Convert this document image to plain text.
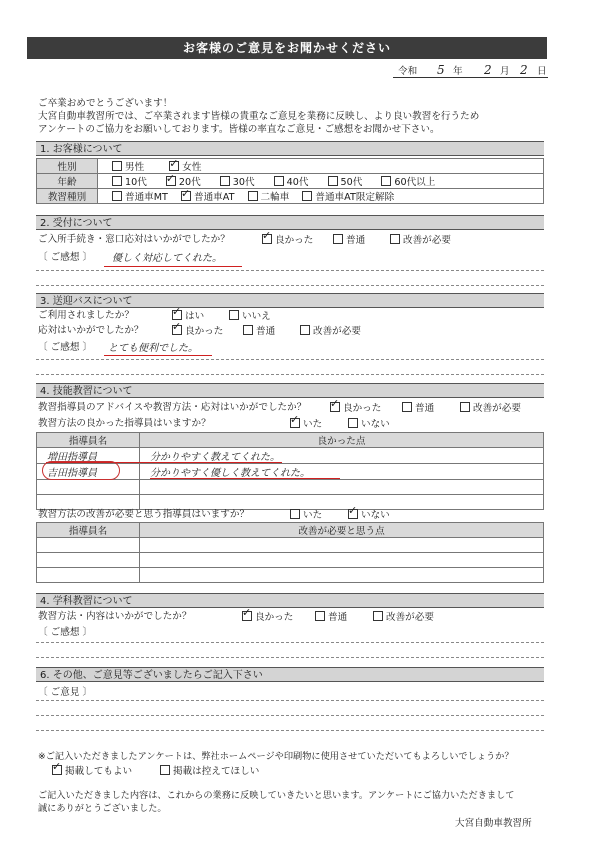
お客様のご意見をお聞かせください
令和 5 年 2 月 2 日
ご卒業おめでとうございます！
大宮自動車教習所では、ご卒業されます皆様の貴重なご意見を業務に反映し、より良い教習を行うため
アンケートのご協力をお願いしております。皆様の率直なご意見・ご感想をお聞かせ下さい。
1. お客様について
性別	男性 ✓ 女性
年齢	10代 ✓ 20代 30代 40代 50代 60代以上
教習種別	普通車MT ✓ 普通車AT 二輪車 普通車AT限定解除
2. 受付について
ご入所手続き・窓口応対はいかがでしたか？ ✓	良かった	普通	改善が必要
〔 ご感想 〕 優しく対応してくれた。
3. 送迎バスについて
ご利用されましたか？ ✓	はい	いいえ
応対はいかがでしたか？ ✓	良かった	普通	改善が必要
〔 ご感想 〕 とても便利でした。
4. 技能教習について
教習指導員のアドバイスや教習方法・応対はいかがでしたか？ ✓	良かった	普通	改善が必要
教習方法の良かった指導員はいますか？ ✓	いた	いない
指導員名	良かった点
増田指導員	分かりやすく教えてくれた。
吉田指導員	分かりやすく優しく教えてくれた。

教習方法の改善が必要と思う指導員はいますか？	いた ✓	いない
指導員名	改善が必要と思う点

4. 学科教習について
教習方法・内容はいかがでしたか？ ✓	良かった	普通	改善が必要
〔 ご感想 〕
6. その他、ご意見等ございましたらご記入下さい
〔 ご意見 〕
※ご記入いただきましたアンケートは、弊社ホームページや印刷物に使用させていただいてもよろしいでしょうか？
✓掲載してもよい	掲載は控えてほしい
ご記入いただきました内容は、これからの業務に反映していきたいと思います。アンケートにご協力いただきまして
誠にありがとうございました。
大宮自動車教習所
